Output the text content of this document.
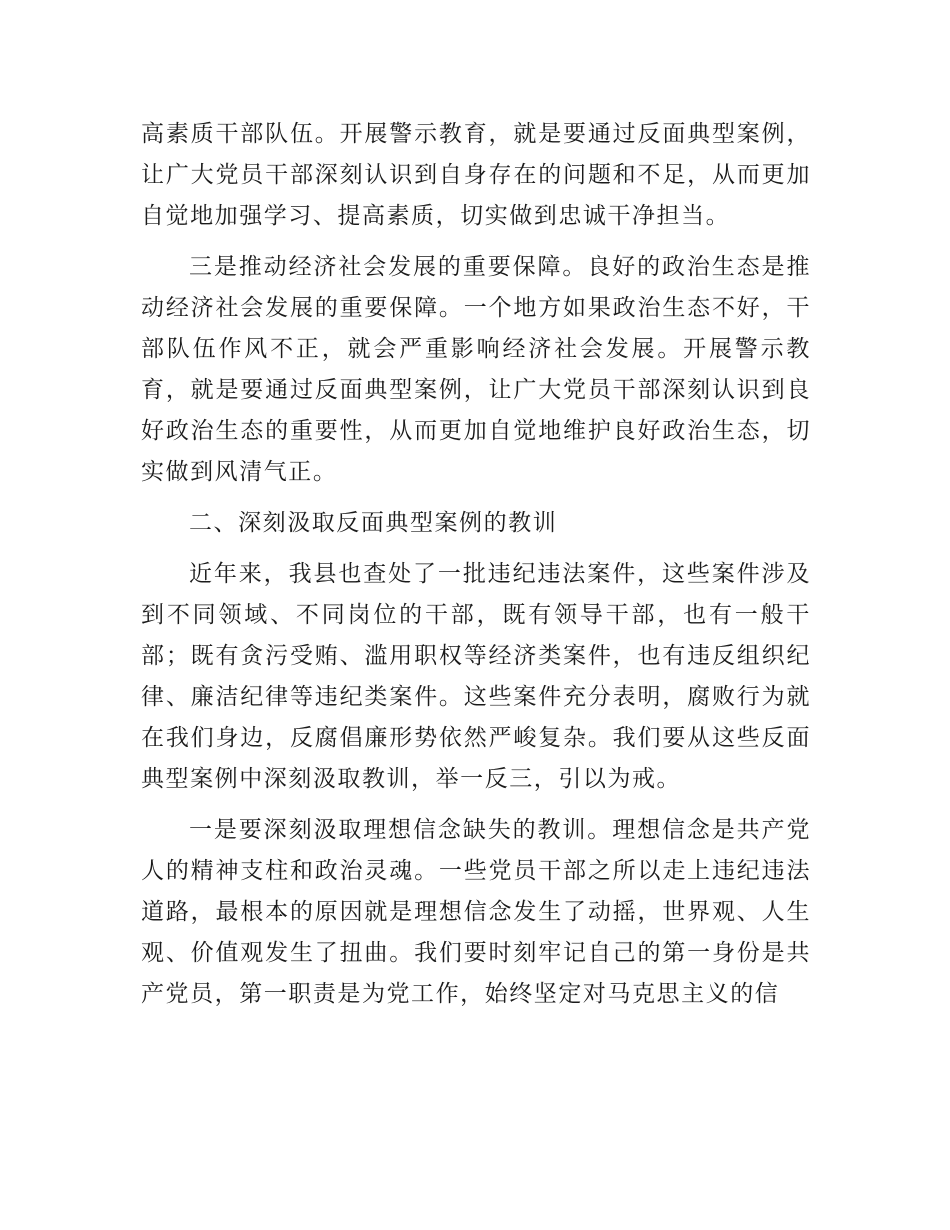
高素质干部队伍。开展警示教育，就是要通过反面典型案例，让广大党员干部深刻认识到自身存在的问题和不足，从而更加自觉地加强学习、提高素质，切实做到忠诚干净担当。

三是推动经济社会发展的重要保障。良好的政治生态是推动经济社会发展的重要保障。一个地方如果政治生态不好，干部队伍作风不正，就会严重影响经济社会发展。开展警示教育，就是要通过反面典型案例，让广大党员干部深刻认识到良好政治生态的重要性，从而更加自觉地维护良好政治生态，切实做到风清气正。

二、深刻汲取反面典型案例的教训

近年来，我县也查处了一批违纪违法案件，这些案件涉及到不同领域、不同岗位的干部，既有领导干部，也有一般干部；既有贪污受贿、滥用职权等经济类案件，也有违反组织纪律、廉洁纪律等违纪类案件。这些案件充分表明，腐败行为就在我们身边，反腐倡廉形势依然严峻复杂。我们要从这些反面典型案例中深刻汲取教训，举一反三，引以为戒。

一是要深刻汲取理想信念缺失的教训。理想信念是共产党人的精神支柱和政治灵魂。一些党员干部之所以走上违纪违法道路，最根本的原因就是理想信念发生了动摇，世界观、人生观、价值观发生了扭曲。我们要时刻牢记自己的第一身份是共产党员，第一职责是为党工作，始终坚定对马克思主义的信
